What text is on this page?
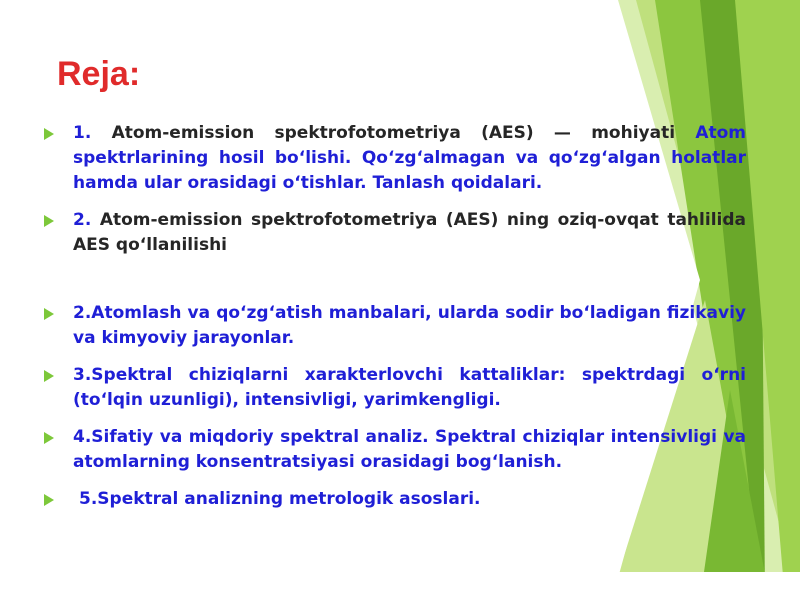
Reja:
1. Atom-emission spektrofotometriya (AES) — mohiyati Atom spektrlarining hosil bo‘lishi. Qo‘zg‘almagan va qo‘zg‘algan holatlar hamda ular orasidagi o‘tishlar. Tanlash qoidalari.
2. Atom-emission spektrofotometriya (AES) ning oziq-ovqat tahlilida AES qo‘llanilishi
2.Atomlash va qo‘zg‘atish manbalari, ularda sodir bo‘ladigan fizikaviy va kimyoviy jarayonlar.
3.Spektral chiziqlarni xarakterlovchi kattaliklar: spektrdagi o‘rni (to‘lqin uzunligi), intensivligi, yarimkengligi.
4.Sifatiy va miqdoriy spektral analiz. Spektral chiziqlar intensivligi va atomlarning konsentratsiyasi orasidagi bog‘lanish.
5.Spektral analizning metrologik asoslari.
